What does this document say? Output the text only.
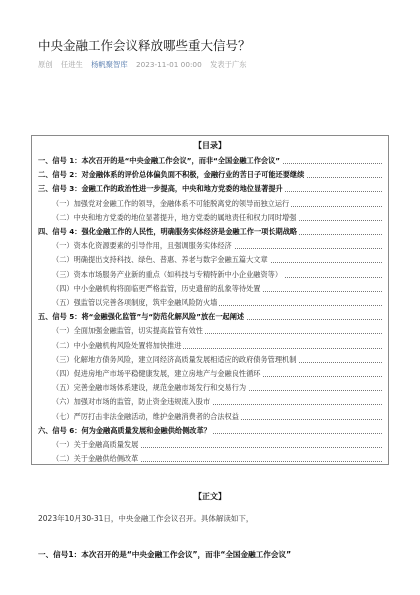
中央金融工作会议释放哪些重大信号？
原创 任进生 杨帆聚智库 2023-11-01 00:00 发表于广东
【目录】
一、信号 1：本次召开的是“中央金融工作会议”，而非“全国金融工作会议”
二、信号 2：对金融体系的评价总体偏负面不积极，金融行业的苦日子可能还要继续
三、信号 3：金融工作的政治性进一步提高，中央和地方党委的地位显著提升
（一）加强党对金融工作的领导，金融体系不可能脱离党的领导而独立运行
（二）中央和地方党委的地位显著提升，地方党委的属地责任和权力同时增强
四、信号 4：强化金融工作的人民性，明确服务实体经济是金融工作一项长期战略
（一）资本化资源要素的引导作用，且强调服务实体经济
（二）明确提出支持科技、绿色、普惠、养老与数字金融五篇大文章
（三）资本市场服务产业新的重点（如科技与专精特新中小企业融资等）
（四）中小金融机构将面临更严格监管，历史遗留的乱象等待处置
（五）强监管以完善各项制度，筑牢金融风险防火墙
五、信号 5：将“金融强化监管”与“防范化解风险”放在一起阐述
（一）全面加强金融监管，切实提高监管有效性
（二）中小金融机构风险处置将加快推进
（三）化解地方债务风险，建立同经济高质量发展相适应的政府债务管理机制
（四）促进房地产市场平稳健康发展，建立房地产与金融良性循环
（五）完善金融市场体系建设，规范金融市场发行和交易行为
（六）加强对市场的监管，防止资金违规流入股市
（七）严厉打击非法金融活动，维护金融消费者的合法权益
六、信号 6：何为金融高质量发展和金融供给侧改革？
（一）关于金融高质量发展
（二）关于金融供给侧改革
【正文】
2023年10月30-31日，中央金融工作会议召开。具体解读如下，
一、信号1：本次召开的是“中央金融工作会议”，而非“全国金融工作会议”
